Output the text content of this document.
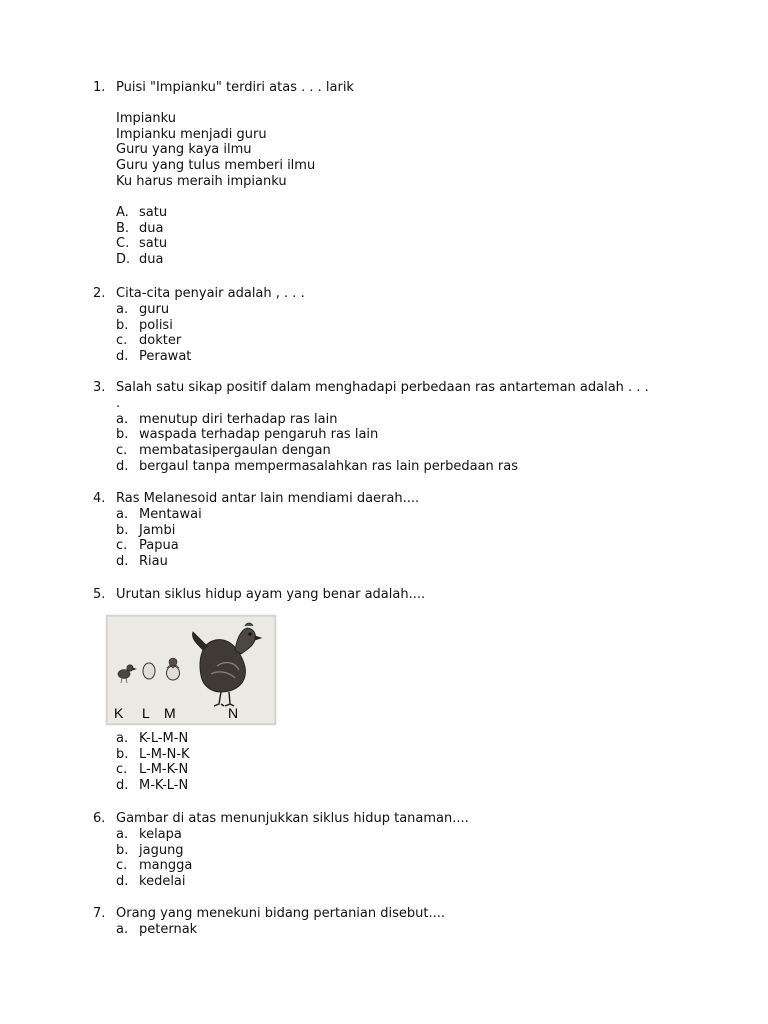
1. Puisi "Impianku" terdiri atas . . . larik
Impianku
Impianku menjadi guru
Guru yang kaya ilmu
Guru yang tulus memberi ilmu
Ku harus meraih impianku
A. satu
B. dua
C. satu
D. dua
2. Cita-cita penyair adalah , . . .
a. guru
b. polisi
c. dokter
d. Perawat
3. Salah satu sikap positif dalam menghadapi perbedaan ras antarteman adalah . . .
.
a. menutup diri terhadap ras lain
b. waspada terhadap pengaruh ras lain
c. membatasipergaulan dengan
d. bergaul tanpa mempermasalahkan ras lain perbedaan ras
4. Ras Melanesoid antar lain mendiami daerah....
a. Mentawai
b. Jambi
c. Papua
d. Riau
5. Urutan siklus hidup ayam yang benar adalah....
K L M	N
a. K-L-M-N
b. L-M-N-K
c. L-M-K-N
d. M-K-L-N
6. Gambar di atas menunjukkan siklus hidup tanaman....
a. kelapa
b. jagung
c. mangga
d. kedelai
7. Orang yang menekuni bidang pertanian disebut....
a. peternak
